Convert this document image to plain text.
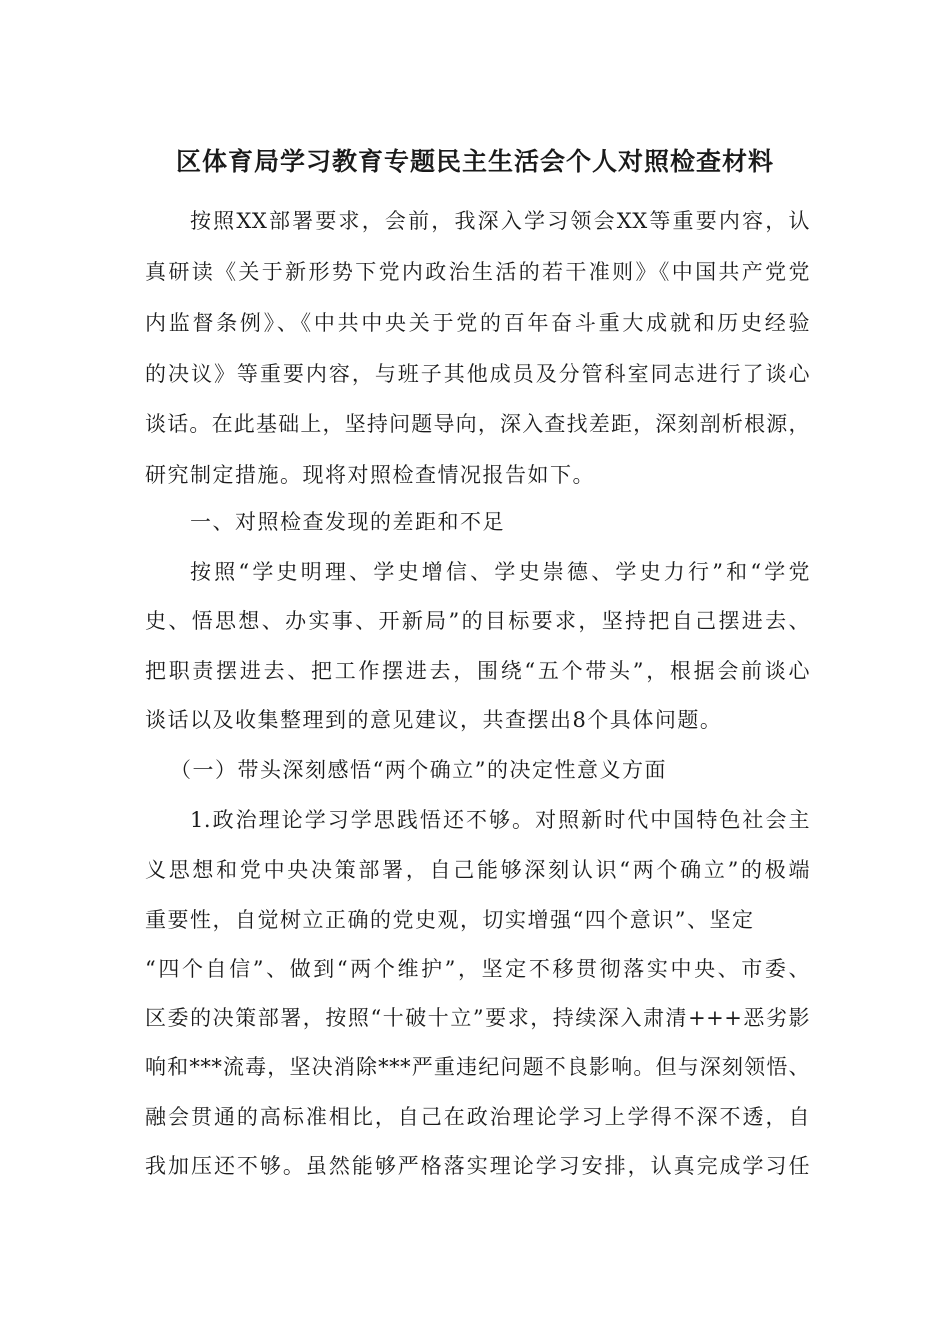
区体育局学习教育专题民主生活会个人对照检查材料
按照XX部署要求，会前，我深入学习领会XX等重要内容，认
真研读《关于新形势下党内政治生活的若干准则》《中国共产党党
内监督条例》、《中共中央关于党的百年奋斗重大成就和历史经验
的决议》等重要内容，与班子其他成员及分管科室同志进行了谈心
谈话。在此基础上，坚持问题导向，深入查找差距，深刻剖析根源，
研究制定措施。现将对照检查情况报告如下。
一、对照检查发现的差距和不足
按照“学史明理、学史增信、学史崇德、学史力行”和“学党
史、悟思想、办实事、开新局”的目标要求，坚持把自己摆进去、
把职责摆进去、把工作摆进去，围绕“五个带头”，根据会前谈心
谈话以及收集整理到的意见建议，共查摆出8个具体问题。
（一）带头深刻感悟“两个确立”的决定性意义方面
1.政治理论学习学思践悟还不够。对照新时代中国特色社会主
义思想和党中央决策部署，自己能够深刻认识“两个确立”的极端
重要性，自觉树立正确的党史观，切实增强“四个意识”、坚定
“四个自信”、做到“两个维护”，坚定不移贯彻落实中央、市委、
区委的决策部署，按照“十破十立”要求，持续深入肃清+++恶劣影
响和***流毒，坚决消除***严重违纪问题不良影响。但与深刻领悟、
融会贯通的高标准相比，自己在政治理论学习上学得不深不透，自
我加压还不够。虽然能够严格落实理论学习安排，认真完成学习任
